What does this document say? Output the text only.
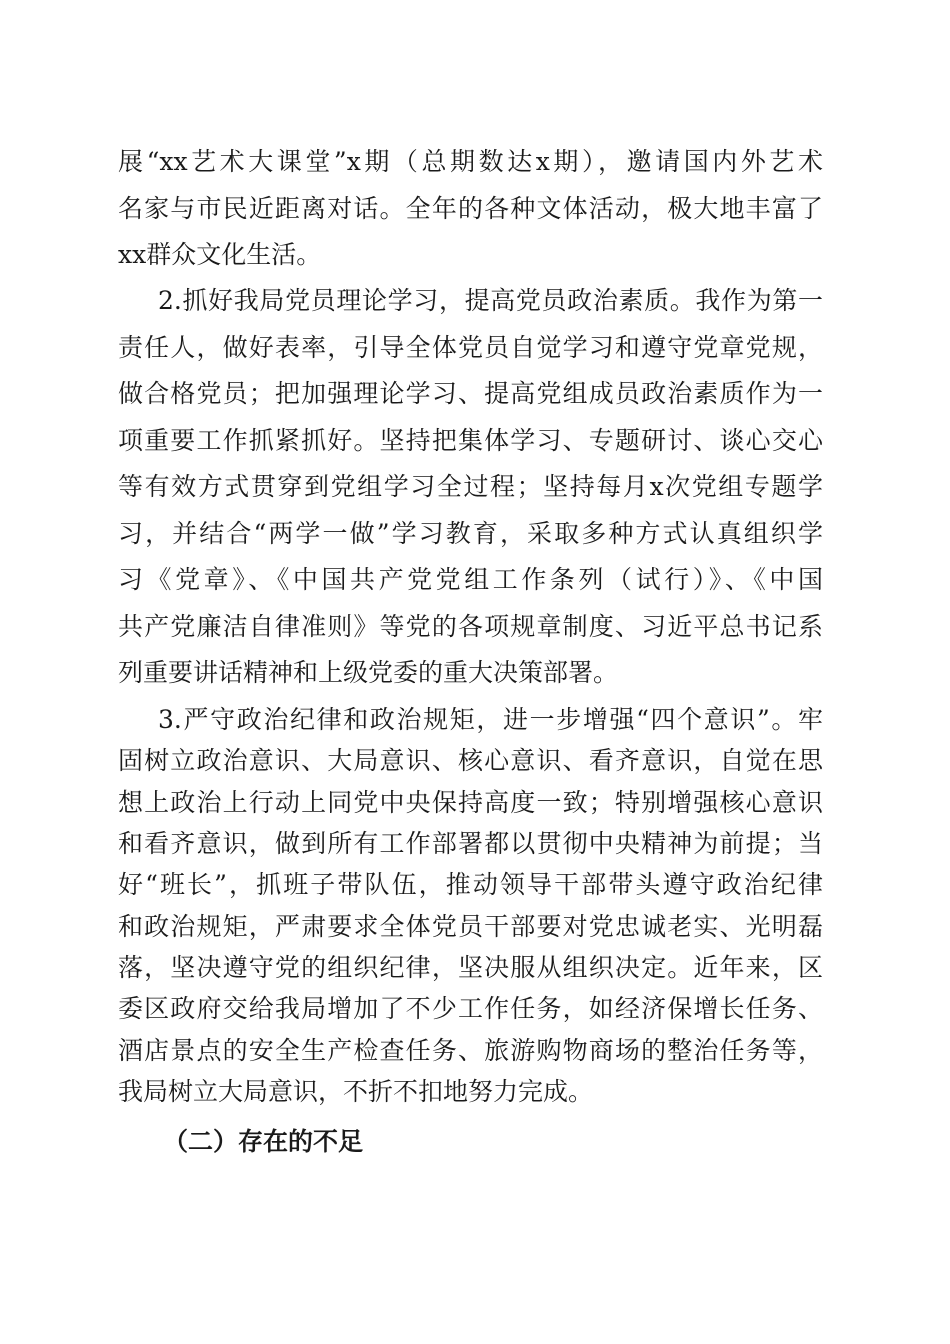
展“xx艺术大课堂”x期（总期数达x期），邀请国内外艺术
名家与市民近距离对话。全年的各种文体活动，极大地丰富了
xx群众文化生活。
2.抓好我局党员理论学习，提高党员政治素质。我作为第一
责任人，做好表率，引导全体党员自觉学习和遵守党章党规，
做合格党员；把加强理论学习、提高党组成员政治素质作为一
项重要工作抓紧抓好。坚持把集体学习、专题研讨、谈心交心
等有效方式贯穿到党组学习全过程；坚持每月x次党组专题学
习，并结合“两学一做”学习教育，采取多种方式认真组织学
习《党章》、《中国共产党党组工作条列（试行）》、《中国
共产党廉洁自律准则》等党的各项规章制度、习近平总书记系
列重要讲话精神和上级党委的重大决策部署。
3.严守政治纪律和政治规矩，进一步增强“四个意识”。牢
固树立政治意识、大局意识、核心意识、看齐意识，自觉在思
想上政治上行动上同党中央保持高度一致；特别增强核心意识
和看齐意识，做到所有工作部署都以贯彻中央精神为前提；当
好“班长”，抓班子带队伍，推动领导干部带头遵守政治纪律
和政治规矩，严肃要求全体党员干部要对党忠诚老实、光明磊
落，坚决遵守党的组织纪律，坚决服从组织决定。近年来，区
委区政府交给我局增加了不少工作任务，如经济保增长任务、
酒店景点的安全生产检查任务、旅游购物商场的整治任务等，
（二）存在的不足
我局树立大局意识，不折不扣地努力完成。
